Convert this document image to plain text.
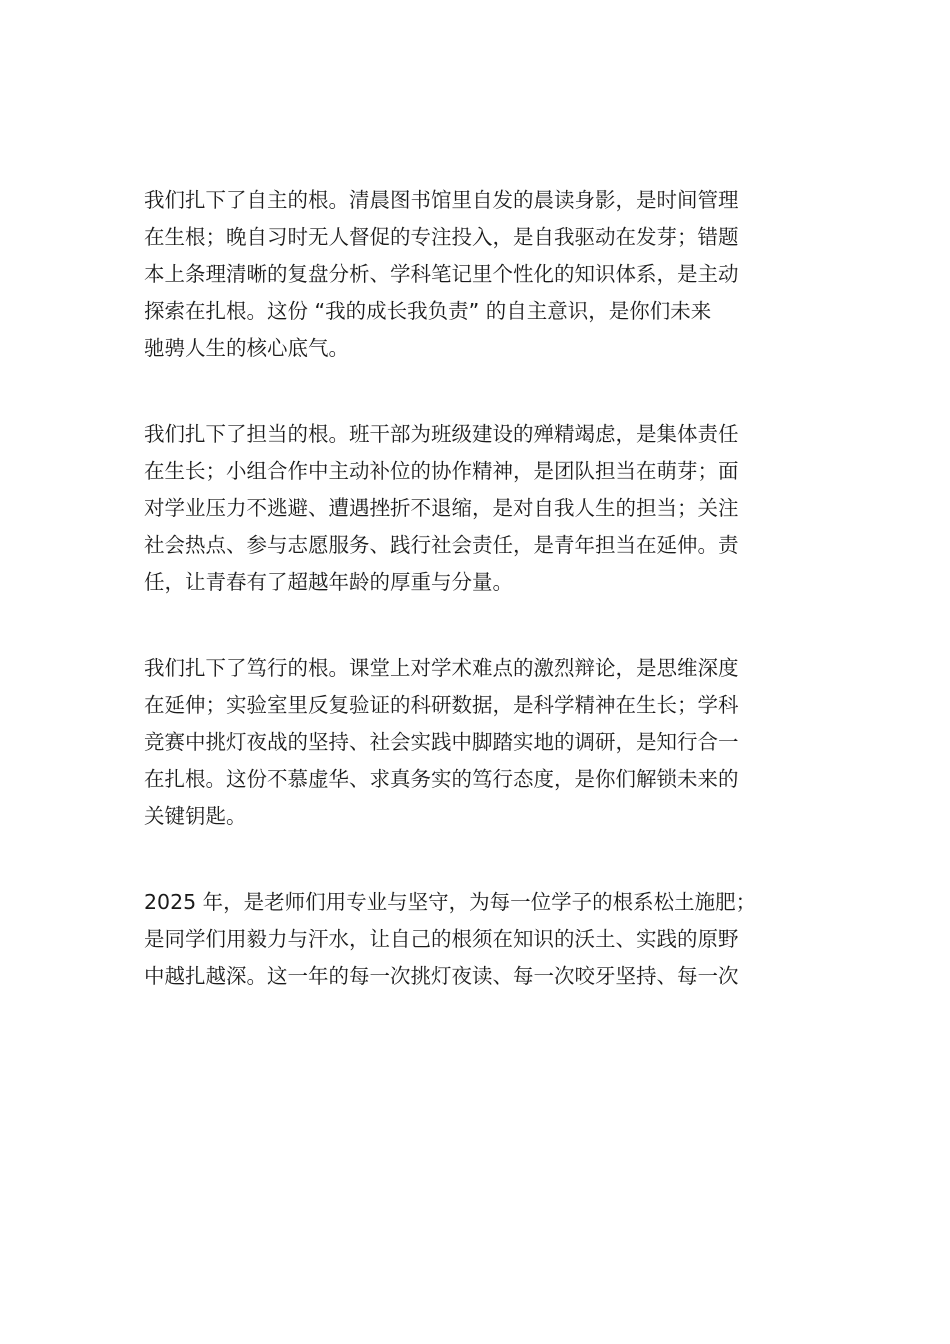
我们扎下了自主的根。清晨图书馆里自发的晨读身影，是时间管理
在生根；晚自习时无人督促的专注投入，是自我驱动在发芽；错题
本上条理清晰的复盘分析、学科笔记里个性化的知识体系，是主动
探索在扎根。这份 “我的成长我负责” 的自主意识，是你们未来
驰骋人生的核心底气。

我们扎下了担当的根。班干部为班级建设的殚精竭虑，是集体责任
在生长；小组合作中主动补位的协作精神，是团队担当在萌芽；面
对学业压力不逃避、遭遇挫折不退缩，是对自我人生的担当；关注
社会热点、参与志愿服务、践行社会责任，是青年担当在延伸。责
任，让青春有了超越年龄的厚重与分量。

我们扎下了笃行的根。课堂上对学术难点的激烈辩论，是思维深度
在延伸；实验室里反复验证的科研数据，是科学精神在生长；学科
竞赛中挑灯夜战的坚持、社会实践中脚踏实地的调研，是知行合一
在扎根。这份不慕虚华、求真务实的笃行态度，是你们解锁未来的
关键钥匙。

2025 年，是老师们用专业与坚守，为每一位学子的根系松土施肥；
是同学们用毅力与汗水，让自己的根须在知识的沃土、实践的原野
中越扎越深。这一年的每一次挑灯夜读、每一次咬牙坚持、每一次
